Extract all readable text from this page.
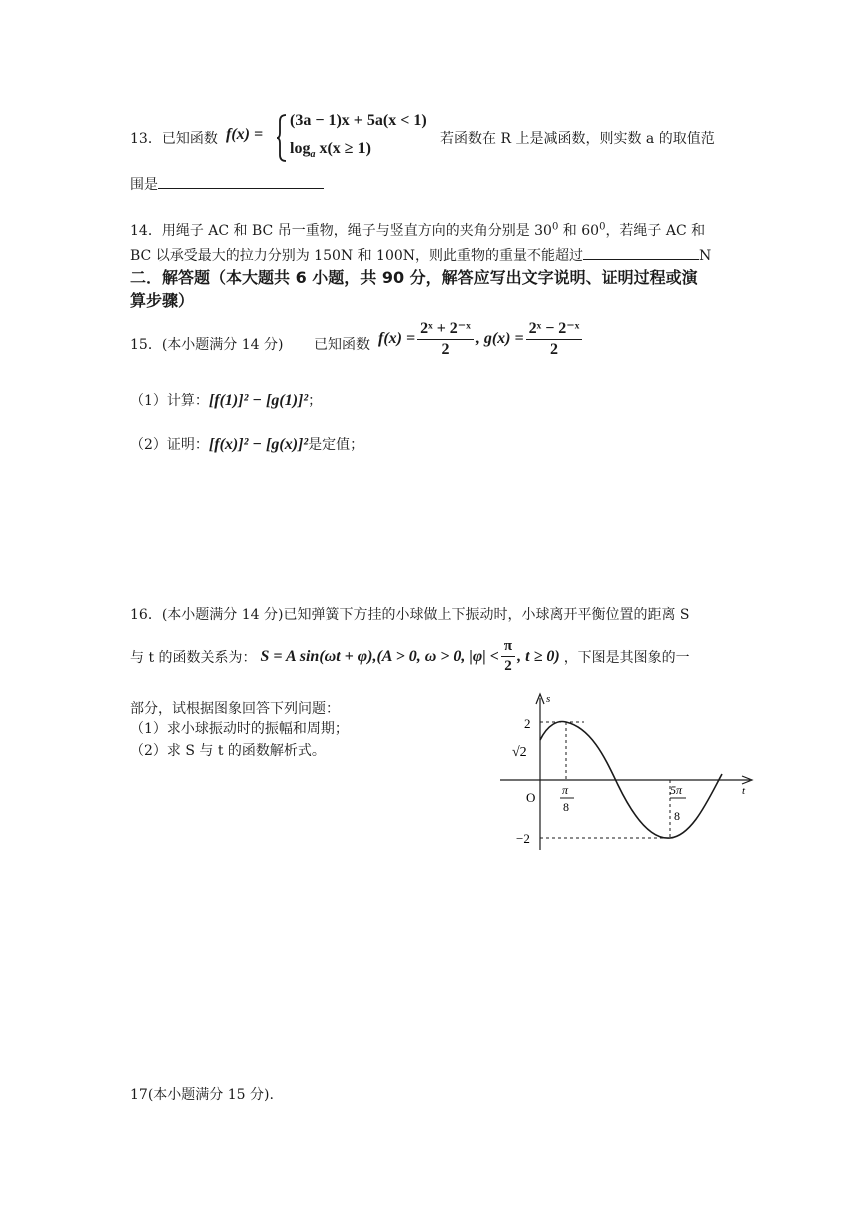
13．已知函数 f(x) =
(3a − 1)x + 5a(x < 1)
$\log_a x(x \ge 1)$
若函数在 R 上是减函数，则实数 a 的取值范
围是
14．用绳子 AC 和 BC 吊一重物，绳子与竖直方向的夹角分别是 $30^0$ 和 $60^0$，若绳子 AC 和
BC 以承受最大的拉力分别为 150N 和 100N，则此重物的重量不能超过	N
二．解答题（本大题共 6 小题，共 90 分，解答应写出文字说明、证明过程或演
算步骤）
15．(本小题满分 14 分) 已知函数 $f(x) = \frac{\text{2ˣ + 2⁻ˣ}}{2}$ , $g(x) = \frac{\text{2ˣ − 2⁻ˣ}}{2}$
（1）计算：[f(1)]² − [g(1)]²；
（2）证明：[f(x)]² − [g(x)]²是定值；
16．(本小题满分 14 分)已知弹簧下方挂的小球做上下振动时，小球离开平衡位置的距离 S
与 t 的函数关系为： S = A sin(ωt + φ),(A > 0, ω > 0, $|\varphi| < \frac{\pi}{2}$ , t ≥ 0) ，下图是其图象的一
部分，试根据图象回答下列问题：
（1）求小球振动时的振幅和周期；
（2）求 S 与 t 的函数解析式。
s
t
O
2
√2
−2
π
8
5π
8
17(本小题满分 15 分).
